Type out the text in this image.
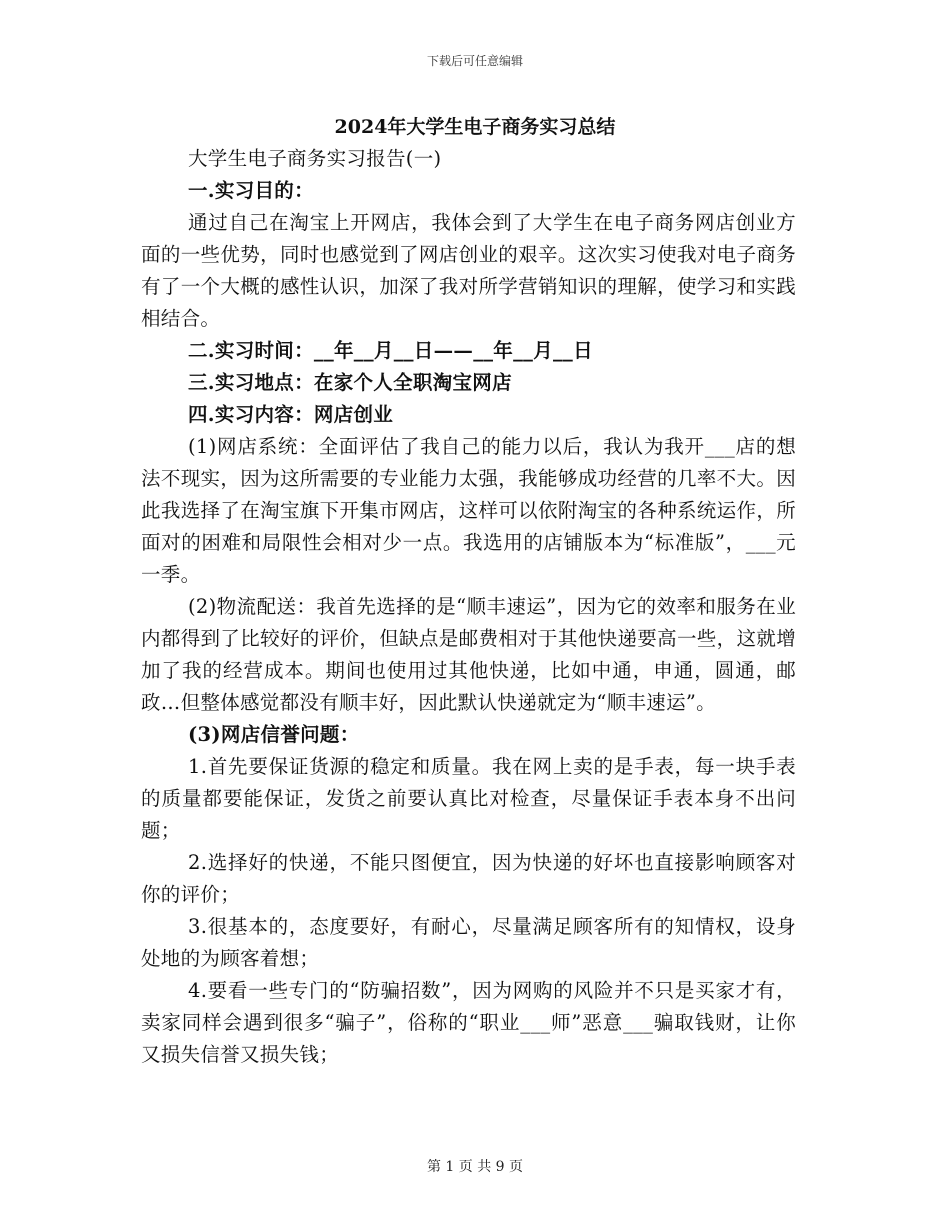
下载后可任意编辑
2024年大学生电子商务实习总结

大学生电子商务实习报告(一)

一.实习目的：

通过自己在淘宝上开网店，我体会到了大学生在电子商务网店创业方面的一些优势，同时也感觉到了网店创业的艰辛。这次实习使我对电子商务有了一个大概的感性认识，加深了我对所学营销知识的理解，使学习和实践相结合。

二.实习时间：__年__月__日——__年__月__日

三.实习地点：在家个人全职淘宝网店

四.实习内容：网店创业

(1)网店系统：全面评估了我自己的能力以后，我认为我开___店的想法不现实，因为这所需要的专业能力太强，我能够成功经营的几率不大。因此我选择了在淘宝旗下开集市网店，这样可以依附淘宝的各种系统运作，所面对的困难和局限性会相对少一点。我选用的店铺版本为“标准版”，___元一季。

(2)物流配送：我首先选择的是“顺丰速运”，因为它的效率和服务在业内都得到了比较好的评价，但缺点是邮费相对于其他快递要高一些，这就增加了我的经营成本。期间也使用过其他快递，比如中通，申通，圆通，邮政…但整体感觉都没有顺丰好，因此默认快递就定为“顺丰速运”。

(3)网店信誉问题：

1.首先要保证货源的稳定和质量。我在网上卖的是手表，每一块手表的质量都要能保证，发货之前要认真比对检查，尽量保证手表本身不出问题；

2.选择好的快递，不能只图便宜，因为快递的好坏也直接影响顾客对你的评价；

3.很基本的，态度要好，有耐心，尽量满足顾客所有的知情权，设身处地的为顾客着想；

4.要看一些专门的“防骗招数”，因为网购的风险并不只是买家才有，卖家同样会遇到很多“骗子”，俗称的“职业___师”恶意___骗取钱财，让你又损失信誉又损失钱；

第 1 页 共 9 页
